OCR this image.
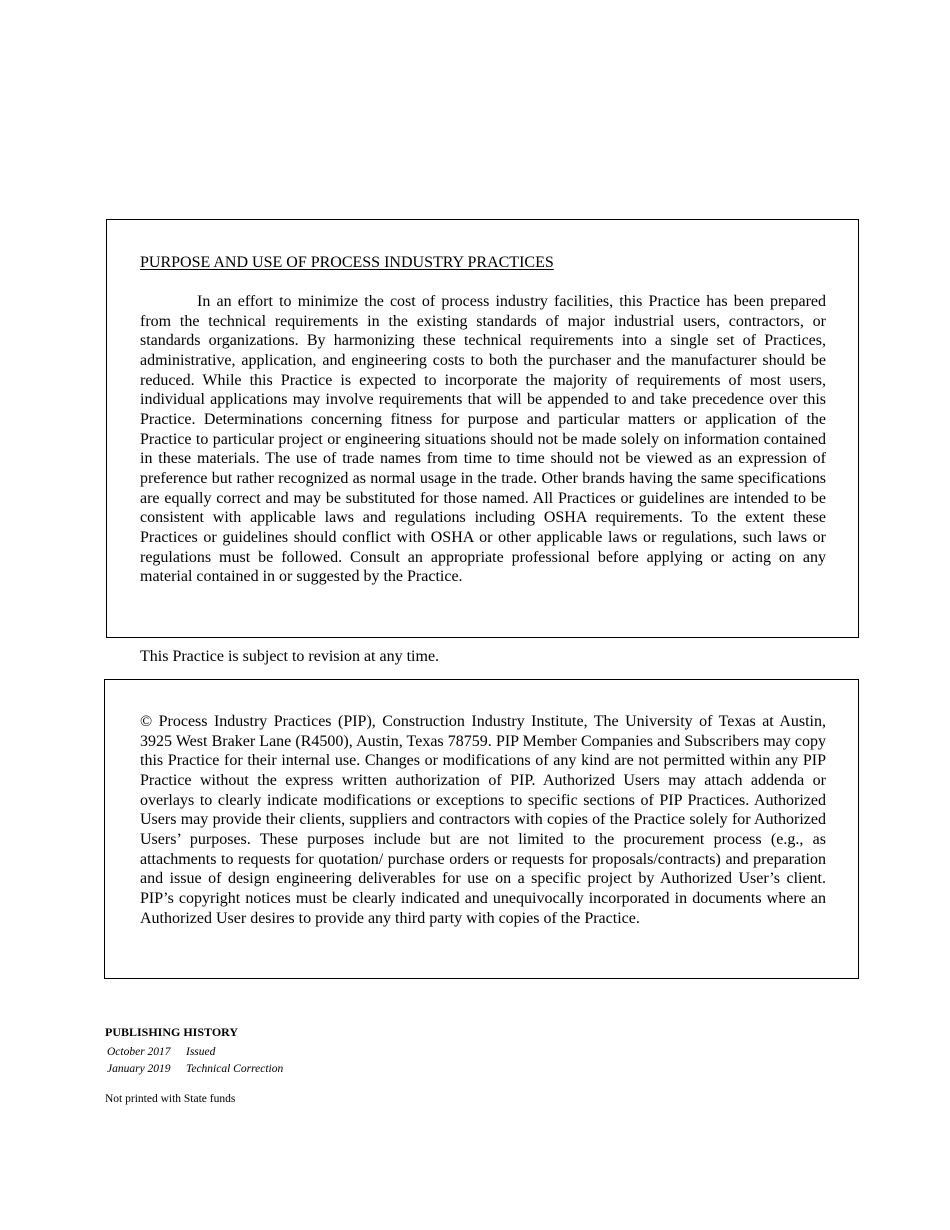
PURPOSE AND USE OF PROCESS INDUSTRY PRACTICES

In an effort to minimize the cost of process industry facilities, this Practice has been prepared from the technical requirements in the existing standards of major industrial users, contractors, or standards organizations. By harmonizing these technical requirements into a single set of Practices, administrative, application, and engineering costs to both the purchaser and the manufacturer should be reduced. While this Practice is expected to incorporate the majority of requirements of most users, individual applications may involve requirements that will be appended to and take precedence over this Practice. Determinations concerning fitness for purpose and particular matters or application of the Practice to particular project or engineering situations should not be made solely on information contained in these materials. The use of trade names from time to time should not be viewed as an expression of preference but rather recognized as normal usage in the trade. Other brands having the same specifications are equally correct and may be substituted for those named. All Practices or guidelines are intended to be consistent with applicable laws and regulations including OSHA requirements. To the extent these Practices or guidelines should conflict with OSHA or other applicable laws or regulations, such laws or regulations must be followed. Consult an appropriate professional before applying or acting on any material contained in or suggested by the Practice.

This Practice is subject to revision at any time.

© Process Industry Practices (PIP), Construction Industry Institute, The University of Texas at Austin, 3925 West Braker Lane (R4500), Austin, Texas 78759. PIP Member Companies and Subscribers may copy this Practice for their internal use. Changes or modifications of any kind are not permitted within any PIP Practice without the express written authorization of PIP. Authorized Users may attach addenda or overlays to clearly indicate modifications or exceptions to specific sections of PIP Practices. Authorized Users may provide their clients, suppliers and contractors with copies of the Practice solely for Authorized Users’ purposes. These purposes include but are not limited to the procurement process (e.g., as attachments to requests for quotation/ purchase orders or requests for proposals/contracts) and preparation and issue of design engineering deliverables for use on a specific project by Authorized User’s client. PIP’s copyright notices must be clearly indicated and unequivocally incorporated in documents where an Authorized User desires to provide any third party with copies of the Practice.

PUBLISHING HISTORY
October 2017 Issued
January 2019 Technical Correction
Not printed with State funds
